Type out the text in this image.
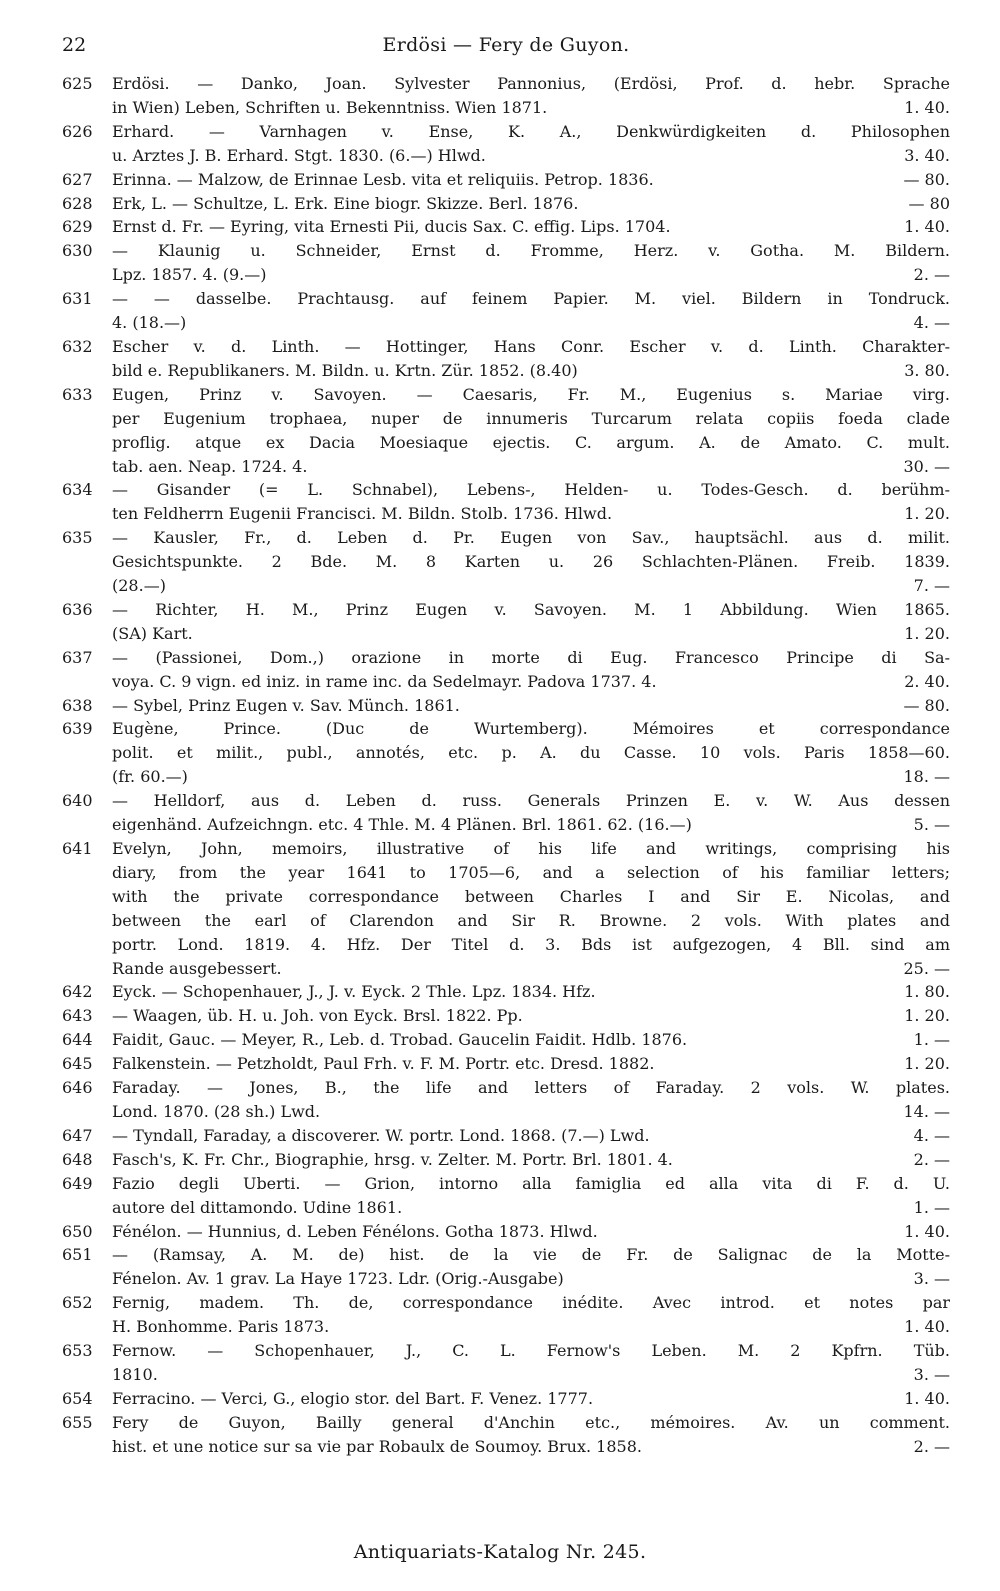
22	Erdösi — Fery de Guyon.
625	Erdösi. — Danko, Joan. Sylvester Pannonius, (Erdösi, Prof. d. hebr. Sprache
in Wien) Leben, Schriften u. Bekenntniss. Wien 1871.	1. 40.
626	Erhard. — Varnhagen v. Ense, K. A., Denkwürdigkeiten d. Philosophen
u. Arztes J. B. Erhard. Stgt. 1830. (6.—) Hlwd.	3. 40.
627	Erinna. — Malzow, de Erinnae Lesb. vita et reliquiis. Petrop. 1836.	— 80.
628	Erk, L. — Schultze, L. Erk. Eine biogr. Skizze. Berl. 1876.	— 80
629	Ernst d. Fr. — Eyring, vita Ernesti Pii, ducis Sax. C. effig. Lips. 1704.	1. 40.
630	— Klaunig u. Schneider, Ernst d. Fromme, Herz. v. Gotha. M. Bildern.
Lpz. 1857. 4. (9.—)	2. —
631	— — dasselbe. Prachtausg. auf feinem Papier. M. viel. Bildern in Tondruck.
4. (18.—)	4. —
632	Escher v. d. Linth. — Hottinger, Hans Conr. Escher v. d. Linth. Charakter-
bild e. Republikaners. M. Bildn. u. Krtn. Zür. 1852. (8.40)	3. 80.
633	Eugen, Prinz v. Savoyen. — Caesaris, Fr. M., Eugenius s. Mariae virg.
per Eugenium trophaea, nuper de innumeris Turcarum relata copiis foeda clade
proflig. atque ex Dacia Moesiaque ejectis. C. argum. A. de Amato. C. mult.
tab. aen. Neap. 1724. 4.	30. —
634	— Gisander (= L. Schnabel), Lebens-, Helden- u. Todes-Gesch. d. berühm-
ten Feldherrn Eugenii Francisci. M. Bildn. Stolb. 1736. Hlwd.	1. 20.
635	— Kausler, Fr., d. Leben d. Pr. Eugen von Sav., hauptsächl. aus d. milit.
Gesichtspunkte. 2 Bde. M. 8 Karten u. 26 Schlachten-Plänen. Freib. 1839.
(28.—)	7. —
636	— Richter, H. M., Prinz Eugen v. Savoyen. M. 1 Abbildung. Wien 1865.
(SA) Kart.	1. 20.
637	— (Passionei, Dom.,) orazione in morte di Eug. Francesco Principe di Sa-
voya. C. 9 vign. ed iniz. in rame inc. da Sedelmayr. Padova 1737. 4.	2. 40.
638	— Sybel, Prinz Eugen v. Sav. Münch. 1861.	— 80.
639	Eugène, Prince. (Duc de Wurtemberg). Mémoires et correspondance
polit. et milit., publ., annotés, etc. p. A. du Casse. 10 vols. Paris 1858—60.
(fr. 60.—)	18. —
640	— Helldorf, aus d. Leben d. russ. Generals Prinzen E. v. W. Aus dessen
eigenhänd. Aufzeichngn. etc. 4 Thle. M. 4 Plänen. Brl. 1861. 62. (16.—)	5. —
641	Evelyn, John, memoirs, illustrative of his life and writings, comprising his
diary, from the year 1641 to 1705—6, and a selection of his familiar letters;
with the private correspondance between Charles I and Sir E. Nicolas, and
between the earl of Clarendon and Sir R. Browne. 2 vols. With plates and
portr. Lond. 1819. 4. Hfz. Der Titel d. 3. Bds ist aufgezogen, 4 Bll. sind am
Rande ausgebessert.	25. —
642	Eyck. — Schopenhauer, J., J. v. Eyck. 2 Thle. Lpz. 1834. Hfz.	1. 80.
643	— Waagen, üb. H. u. Joh. von Eyck. Brsl. 1822. Pp.	1. 20.
644	Faidit, Gauc. — Meyer, R., Leb. d. Trobad. Gaucelin Faidit. Hdlb. 1876.	1. —
645	Falkenstein. — Petzholdt, Paul Frh. v. F. M. Portr. etc. Dresd. 1882.	1. 20.
646	Faraday. — Jones, B., the life and letters of Faraday. 2 vols. W. plates.
Lond. 1870. (28 sh.) Lwd.	14. —
647	— Tyndall, Faraday, a discoverer. W. portr. Lond. 1868. (7.—) Lwd.	4. —
648	Fasch's, K. Fr. Chr., Biographie, hrsg. v. Zelter. M. Portr. Brl. 1801. 4.	2. —
649	Fazio degli Uberti. — Grion, intorno alla famiglia ed alla vita di F. d. U.
autore del dittamondo. Udine 1861.	1. —
650	Fénélon. — Hunnius, d. Leben Fénélons. Gotha 1873. Hlwd.	1. 40.
651	— (Ramsay, A. M. de) hist. de la vie de Fr. de Salignac de la Motte-
Fénelon. Av. 1 grav. La Haye 1723. Ldr. (Orig.-Ausgabe)	3. —
652	Fernig, madem. Th. de, correspondance inédite. Avec introd. et notes par
H. Bonhomme. Paris 1873.	1. 40.
653	Fernow. — Schopenhauer, J., C. L. Fernow's Leben. M. 2 Kpfrn. Tüb.
1810.	3. —
654	Ferracino. — Verci, G., elogio stor. del Bart. F. Venez. 1777.	1. 40.
655	Fery de Guyon, Bailly general d'Anchin etc., mémoires. Av. un comment.
hist. et une notice sur sa vie par Robaulx de Soumoy. Brux. 1858.	2. —
Antiquariats-Katalog Nr. 245.
